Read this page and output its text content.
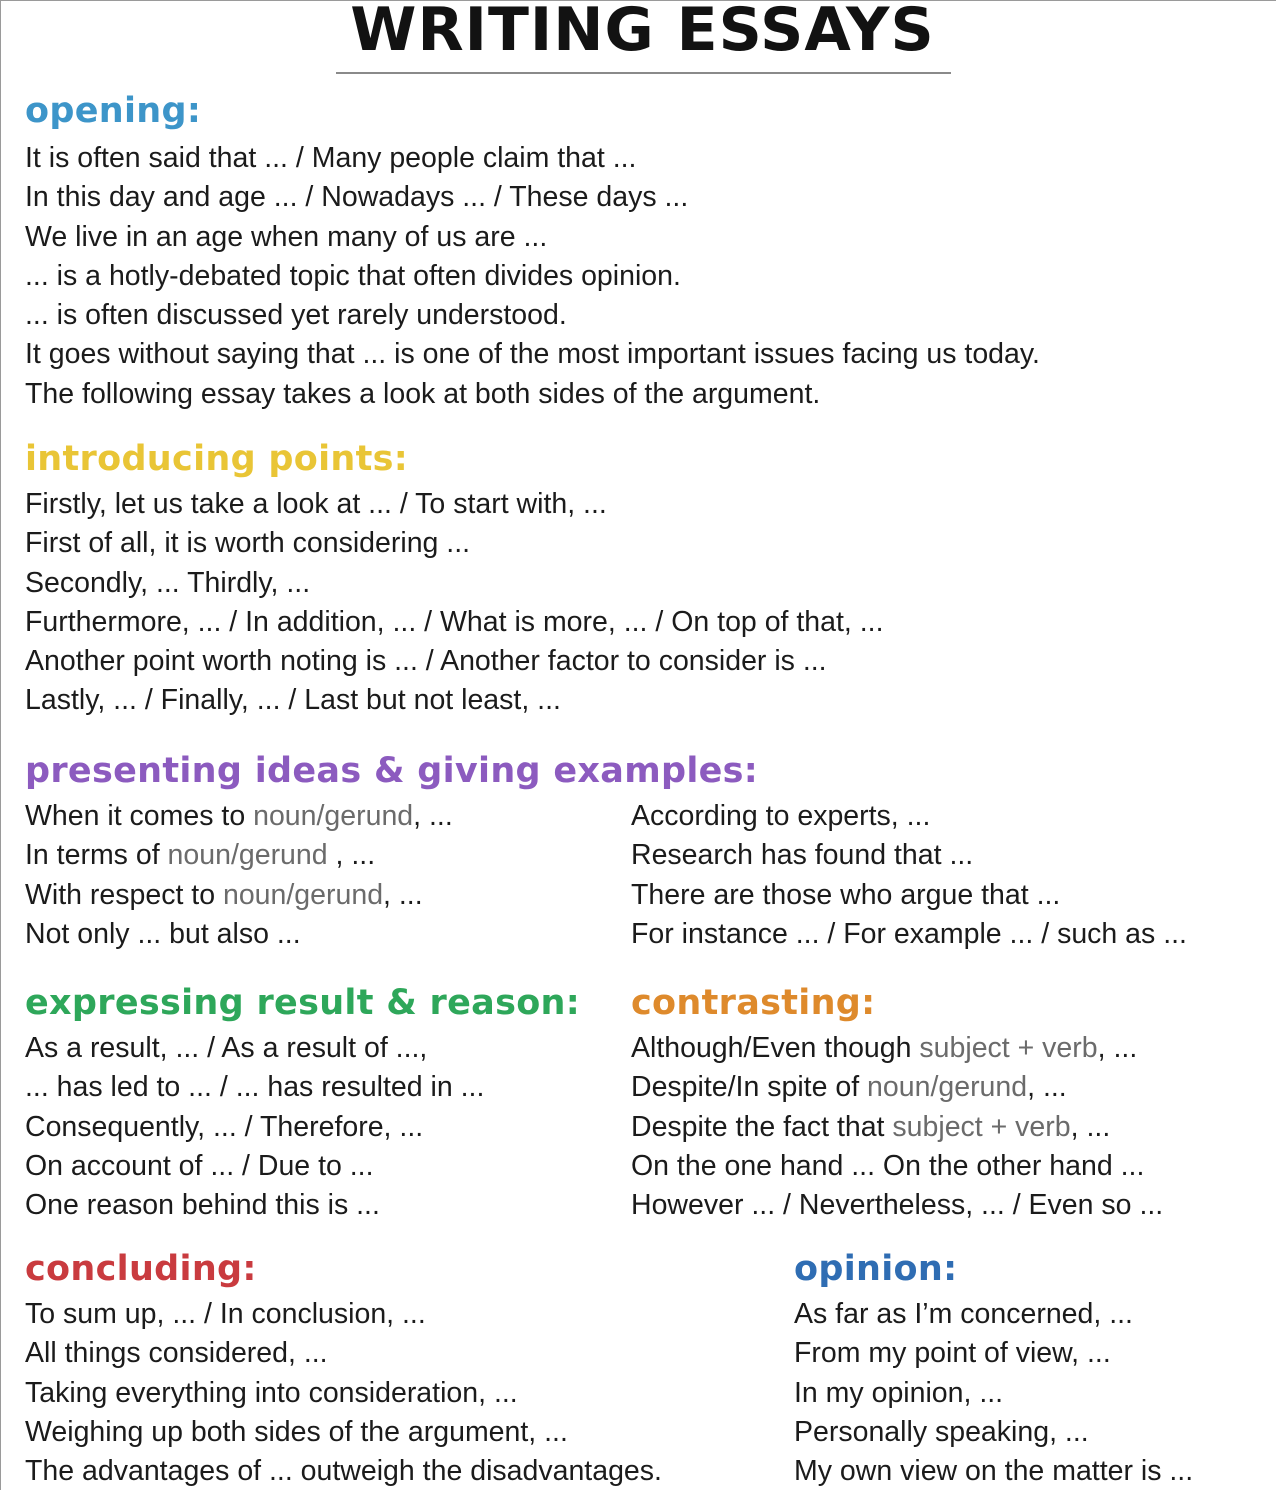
WRITING ESSAYS
opening:
It is often said that ... / Many people claim that ...
In this day and age ... / Nowadays ... / These days ...
We live in an age when many of us are ...
... is a hotly-debated topic that often divides opinion.
... is often discussed yet rarely understood.
It goes without saying that ... is one of the most important issues facing us today.
The following essay takes a look at both sides of the argument.
introducing points:
Firstly, let us take a look at ... / To start with, ...
First of all, it is worth considering ...
Secondly, ... Thirdly, ...
Furthermore, ... / In addition, ... / What is more, ... / On top of that, ...
Another point worth noting is ... / Another factor to consider is ...
Lastly, ... / Finally, ... / Last but not least, ...
presenting ideas & giving examples:
When it comes to noun/gerund, ...
In terms of noun/gerund , ...
With respect to noun/gerund, ...
Not only ... but also ...
According to experts, ...
Research has found that ...
There are those who argue that ...
For instance ... / For example ... / such as ...
expressing result & reason:
As a result, ... / As a result of ...,
... has led to ... / ... has resulted in ...
Consequently, ... / Therefore, ...
On account of ... / Due to ...
One reason behind this is ...
contrasting:
Although/Even though subject + verb, ...
Despite/In spite of noun/gerund, ...
Despite the fact that subject + verb, ...
On the one hand ... On the other hand ...
However ... / Nevertheless, ... / Even so ...
concluding:
To sum up, ... / In conclusion, ...
All things considered, ...
Taking everything into consideration, ...
Weighing up both sides of the argument, ...
The advantages of ... outweigh the disadvantages.
opinion:
As far as I’m concerned, ...
From my point of view, ...
In my opinion, ...
Personally speaking, ...
My own view on the matter is ...
